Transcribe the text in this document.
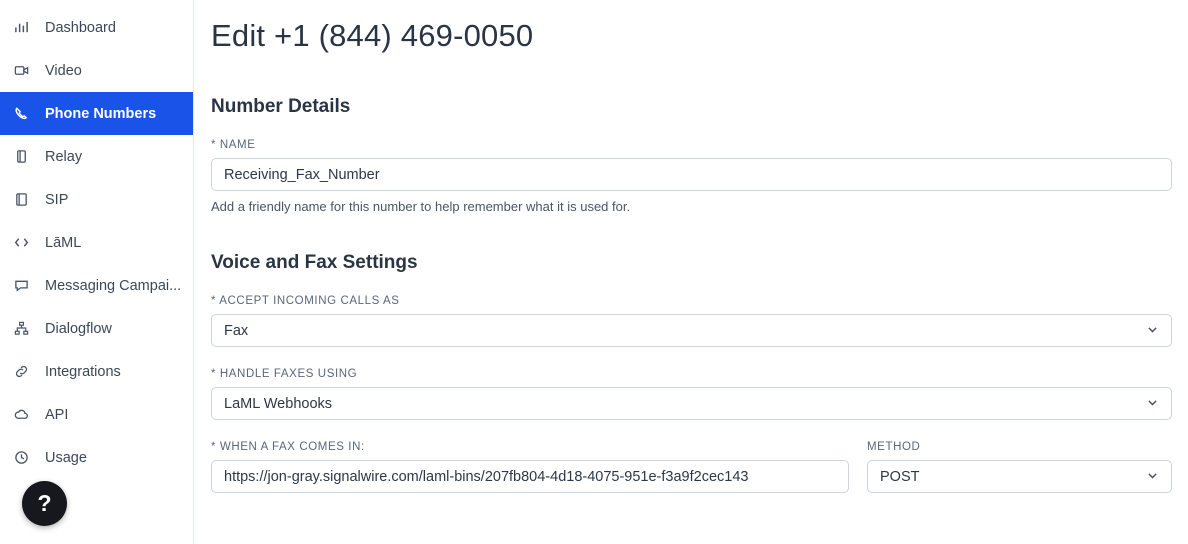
Dashboard
Video
Phone Numbers
Relay
SIP
LāML
Messaging Campai...
Dialogflow
Integrations
API
Usage
?
Edit +1 (844) 469-0050
Number Details
* NAME
Receiving_Fax_Number
Add a friendly name for this number to help remember what it is used for.
Voice and Fax Settings
* ACCEPT INCOMING CALLS AS
Fax
* HANDLE FAXES USING
LaML Webhooks
* WHEN A FAX COMES IN:
https://jon-gray.signalwire.com/laml-bins/207fb804-4d18-4075-951e-f3a9f2cec143
METHOD
POST
